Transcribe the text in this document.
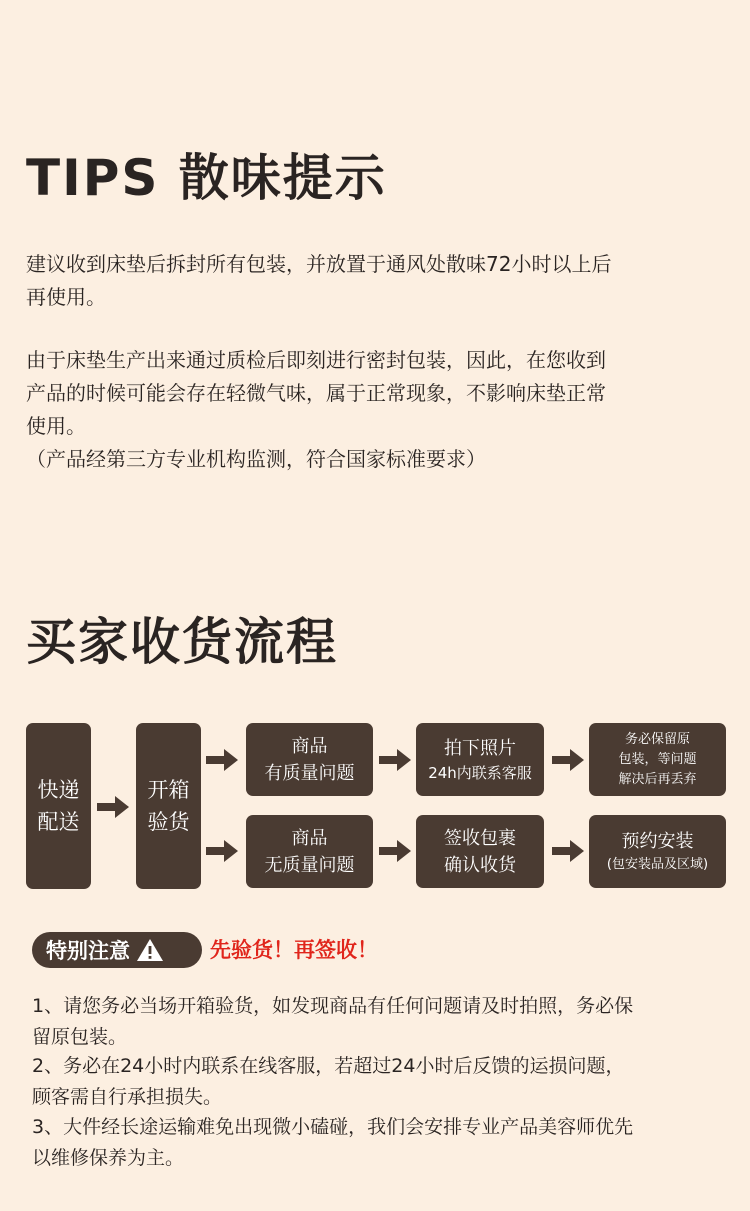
TIPS 散味提示
建议收到床垫后拆封所有包装，并放置于通风处散味72小时以上后
再使用。
由于床垫生产出来通过质检后即刻进行密封包装，因此，在您收到
产品的时候可能会存在轻微气味，属于正常现象，不影响床垫正常
使用。
（产品经第三方专业机构监测，符合国家标准要求）
买家收货流程
快递
配送
开箱
验货
商品
有质量问题
拍下照片
24h内联系客服
务必保留原
包装，等问题
解决后再丢弃
商品
无质量问题
签收包裹
确认收货
预约安装
(包安装品及区域)
特别注意	先验货！再签收！
1、请您务必当场开箱验货，如发现商品有任何问题请及时拍照，务必保
留原包装。
2、务必在24小时内联系在线客服，若超过24小时后反馈的运损问题，
顾客需自行承担损失。
3、大件经长途运输难免出现微小磕碰，我们会安排专业产品美容师优先
以维修保养为主。
